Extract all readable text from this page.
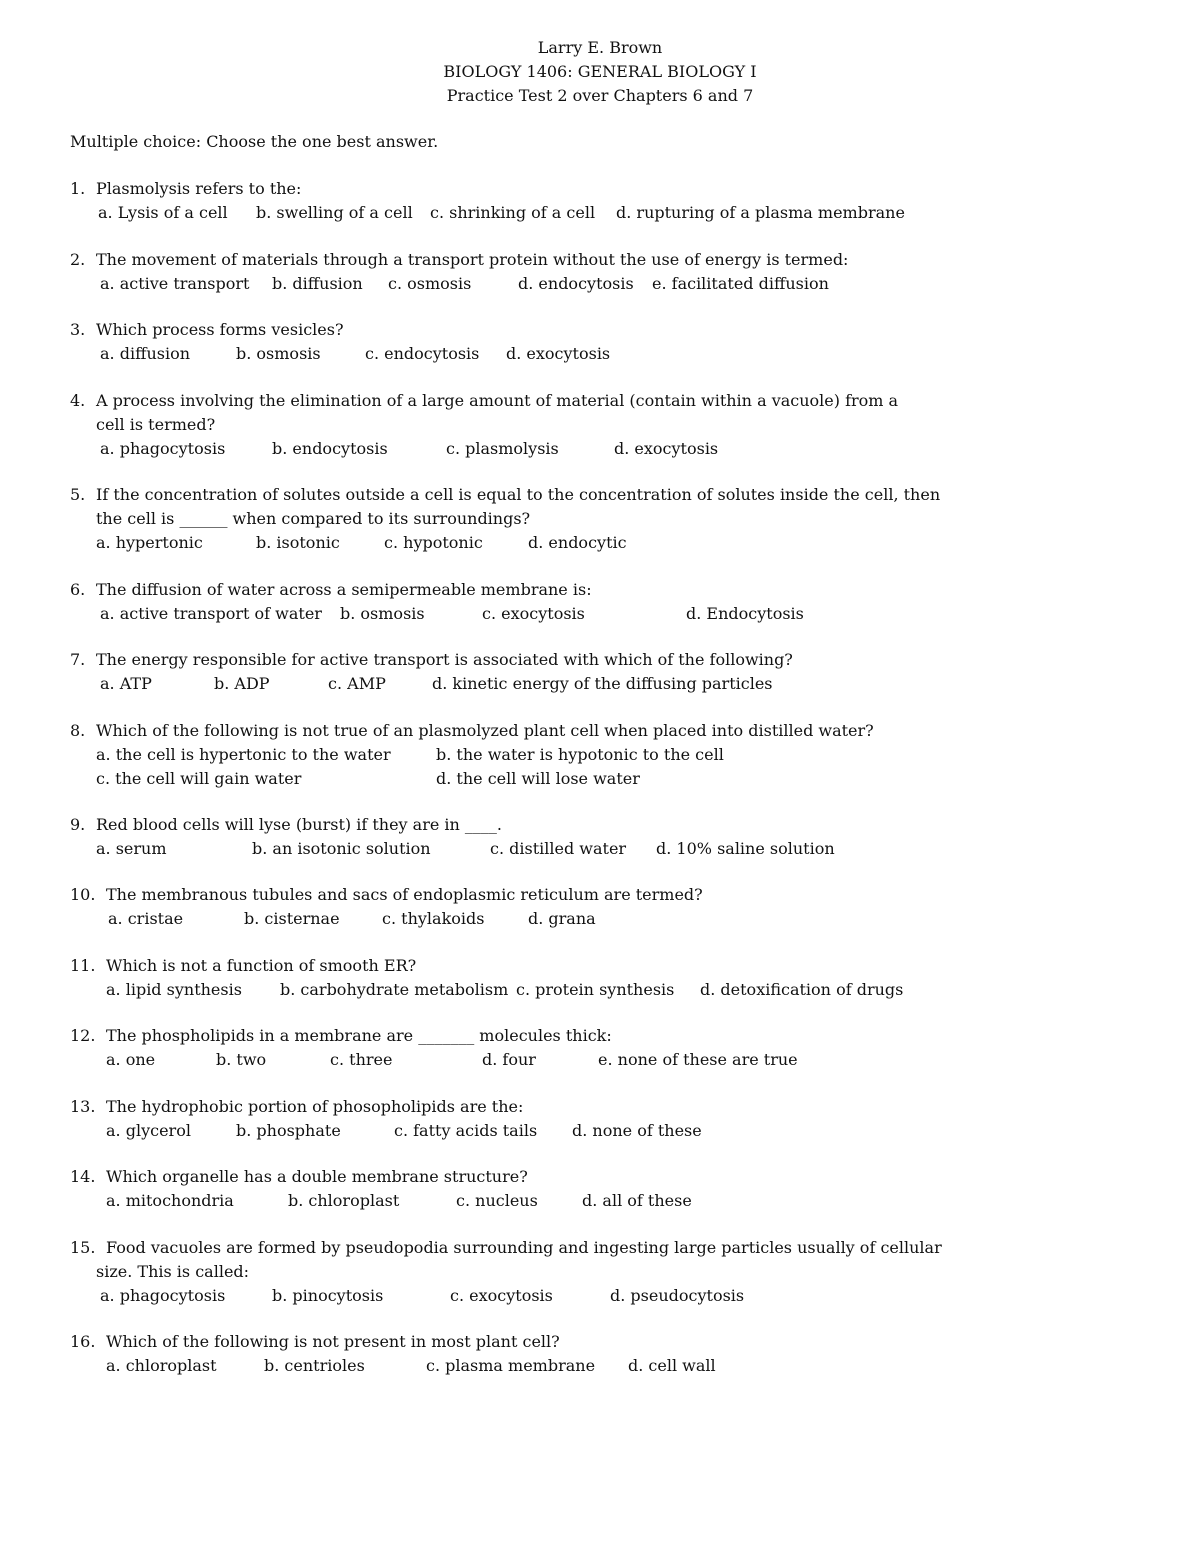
Larry E. Brown
BIOLOGY 1406: GENERAL BIOLOGY I
Practice Test 2 over Chapters 6 and 7
Multiple choice: Choose the one best answer.
1. Plasmolysis refers to the:
a. Lysis of a cell b. swelling of a cell c. shrinking of a cell d. rupturing of a plasma membrane
2. The movement of materials through a transport protein without the use of energy is termed:
a. active transport b. diffusion c. osmosis	d. endocytosis e. facilitated diffusion
3. Which process forms vesicles?
a. diffusion	b. osmosis	c. endocytosis d. exocytosis
4. A process involving the elimination of a large amount of material (contain within a vacuole) from a
cell is termed?
a. phagocytosis	b. endocytosis	c. plasmolysis	d. exocytosis
5. If the concentration of solutes outside a cell is equal to the concentration of solutes inside the cell, then
the cell is ______ when compared to its surroundings?
a. hypertonic	b. isotonic	c. hypotonic	d. endocytic
6. The diffusion of water across a semipermeable membrane is:
a. active transport of water b. osmosis	c. exocytosis	d. Endocytosis
7. The energy responsible for active transport is associated with which of the following?
a. ATP	b. ADP	c. AMP	d. kinetic energy of the diffusing particles
8. Which of the following is not true of an plasmolyzed plant cell when placed into distilled water?
a. the cell is hypertonic to the water	b. the water is hypotonic to the cell
c. the cell will gain water	d. the cell will lose water
9. Red blood cells will lyse (burst) if they are in ____.
a. serum	b. an isotonic solution	c. distilled water d. 10% saline solution
10. The membranous tubules and sacs of endoplasmic reticulum are termed?
a. cristae	b. cisternae	c. thylakoids	d. grana
11. Which is not a function of smooth ER?
a. lipid synthesis b. carbohydrate metabolism c. protein synthesis d. detoxification of drugs
12. The phospholipids in a membrane are _______ molecules thick:
a. one	b. two	c. three	d. four	e. none of these are true
13. The hydrophobic portion of phosopholipids are the:
a. glycerol	b. phosphate	c. fatty acids tails d. none of these
14. Which organelle has a double membrane structure?
a. mitochondria	b. chloroplast	c. nucleus	d. all of these
15. Food vacuoles are formed by pseudopodia surrounding and ingesting large particles usually of cellular
size. This is called:
a. phagocytosis	b. pinocytosis	c. exocytosis	d. pseudocytosis
16. Which of the following is not present in most plant cell?
a. chloroplast	b. centrioles	c. plasma membrane d. cell wall
